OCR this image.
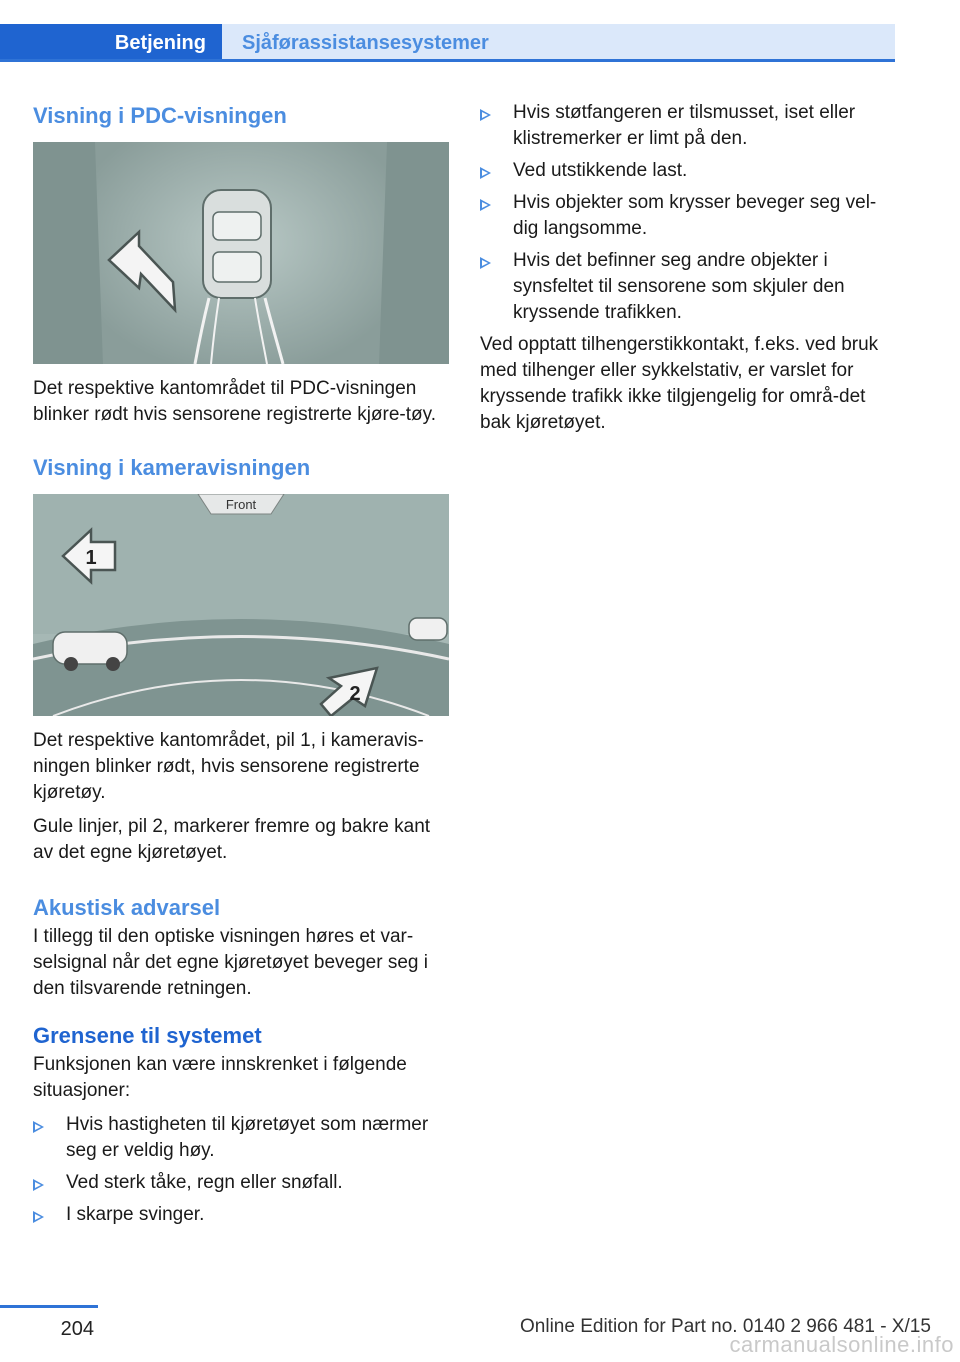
Betjening	Sjåførassistansesystemer
Visning i PDC-visningen

Det respektive kantområdet til PDC-visningen blinker rødt hvis sensorene registrerte kjøre-tøy.

Visning i kameravisningen
Front
1
2

Det respektive kantområdet, pil 1, i kameravis-ningen blinker rødt, hvis sensorene registrerte kjøretøy.

Gule linjer, pil 2, markerer fremre og bakre kant av det egne kjøretøyet.

Akustisk advarsel

I tillegg til den optiske visningen høres et var-selsignal når det egne kjøretøyet beveger seg i den tilsvarende retningen.

Grensene til systemet

Funksjonen kan være innskrenket i følgende situasjoner:

Hvis hastigheten til kjøretøyet som nærmer seg er veldig høy.
Ved sterk tåke, regn eller snøfall.
I skarpe svinger.
Hvis støtfangeren er tilsmusset, iset eller klistremerker er limt på den.
Ved utstikkende last.
Hvis objekter som krysser beveger seg vel-dig langsomme.
Hvis det befinner seg andre objekter i synsfeltet til sensorene som skjuler den kryssende trafikken.

Ved opptatt tilhengerstikkontakt, f.eks. ved bruk med tilhenger eller sykkelstativ, er varslet for kryssende trafikk ikke tilgjengelig for områ-det bak kjøretøyet.

204	Online Edition for Part no. 0140 2 966 481 - X/15
carmanualsonline.info
